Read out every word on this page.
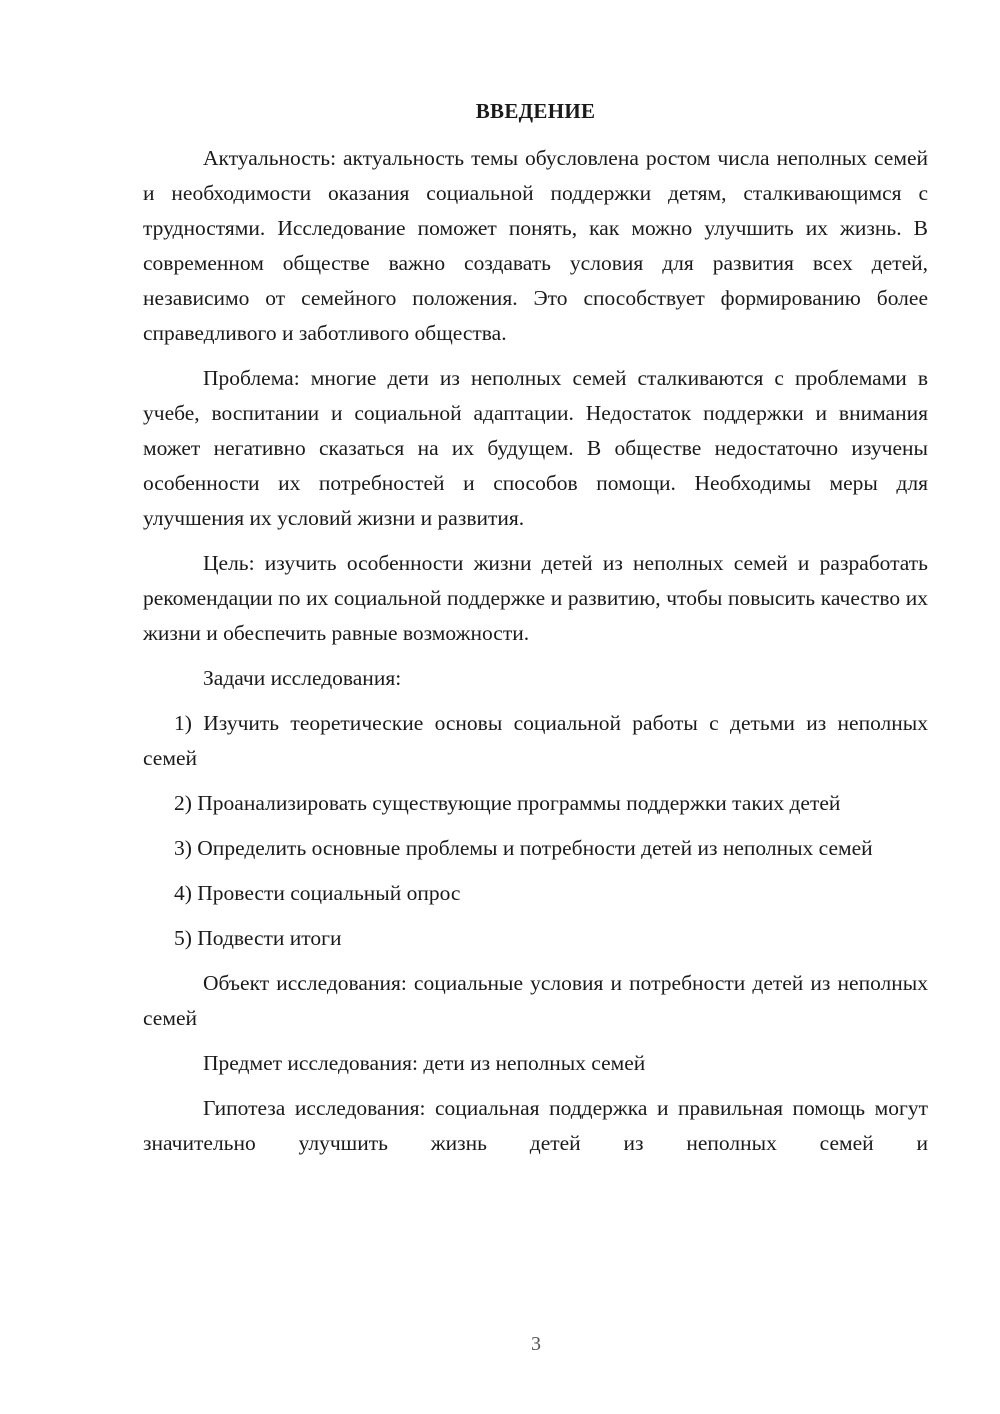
ВВЕДЕНИЕ

Актуальность: актуальность темы обусловлена ростом числа неполных семей и необходимости оказания социальной поддержки детям, сталкивающимся с трудностями. Исследование поможет понять, как можно улучшить их жизнь. В современном обществе важно создавать условия для развития всех детей, независимо от семейного положения. Это способствует формированию более справедливого и заботливого общества.

Проблема: многие дети из неполных семей сталкиваются с проблемами в учебе, воспитании и социальной адаптации. Недостаток поддержки и внимания может негативно сказаться на их будущем. В обществе недостаточно изучены особенности их потребностей и способов помощи. Необходимы меры для улучшения их условий жизни и развития.

Цель: изучить особенности жизни детей из неполных семей и разработать рекомендации по их социальной поддержке и развитию, чтобы повысить качество их жизни и обеспечить равные возможности.

Задачи исследования:

1) Изучить теоретические основы социальной работы с детьми из неполных семей

2) Проанализировать существующие программы поддержки таких детей

3) Определить основные проблемы и потребности детей из неполных семей

4) Провести социальный опрос

5) Подвести итоги

Объект исследования: социальные условия и потребности детей из неполных семей

Предмет исследования: дети из неполных семей

Гипотеза исследования: социальная поддержка и правильная помощь могут значительно улучшить жизнь детей из неполных семей и

3
